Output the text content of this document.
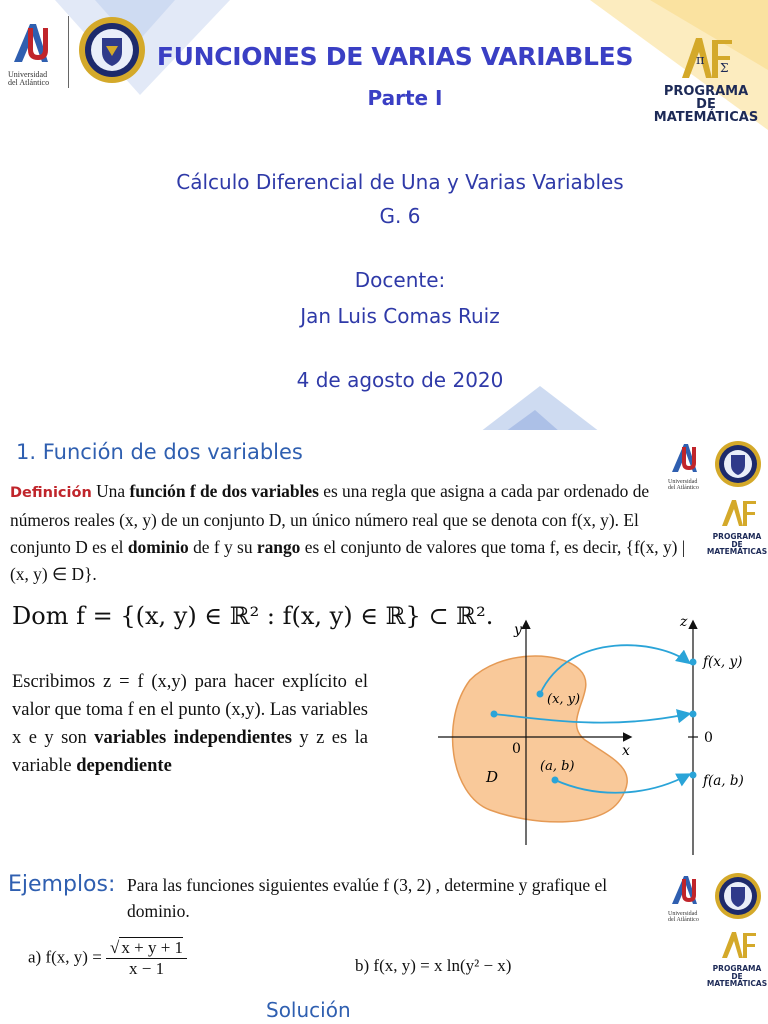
Universidad
del Atlántico
FUNCIONES DE VARIAS VARIABLES
Parte I
π Σ
PROGRAMA DE
MATEMÁTICAS
Cálculo Diferencial de Una y Varias Variables
G. 6
Docente:
Jan Luis Comas Ruiz
4 de agosto de 2020
1. Función de dos variables
Universidad
del Atlántico
PROGRAMA DE
MATEMÁTICAS
Definición Una función f de dos variables es una regla que asigna a cada par ordenado de números reales (x, y) de un conjunto D, un único número real que se denota con f(x, y). El conjunto D es el dominio de f y su rango es el conjunto de valores que toma f, es decir, {f(x, y) | (x, y) ∈ D}.
Dom f = {(x, y) ∈ ℝ² : f(x, y) ∈ ℝ} ⊂ ℝ².
Escribimos z = f (x,y) para hacer explícito el valor que toma f en el punto (x,y). Las variables x e y son variables independientes y z es la variable dependiente
y
x
z
0
0
D
(x, y)
(a, b)
f(x, y)
f(a, b)
Ejemplos: Para las funciones siguientes evalúe f (3, 2) , determine y grafique el dominio.
a) f(x, $y) = \frac{√ x + y + 1}{x - 1}$	b) f(x, y) = x ln(y² − x)
Solución
Universidad
del Atlántico
PROGRAMA DE
MATEMÁTICAS
